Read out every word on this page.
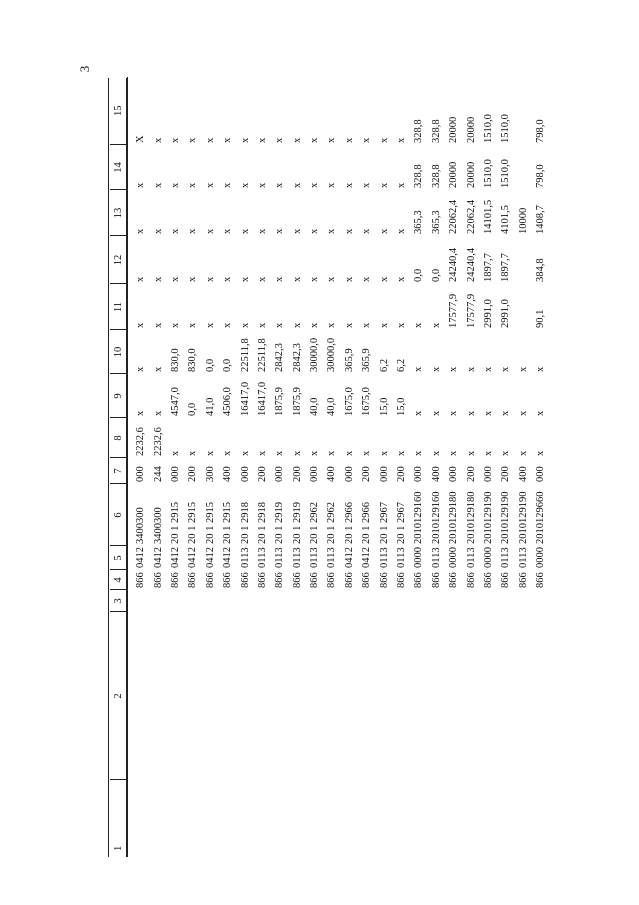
3
1	2	3	4	5	6	7	8	9	10	11	12	13	14	15

			866	0412	3400300	000	2232,6	x	x	x	x	x	x	X
			866	0412	3400300	244	2232,6	x	x	x	x	x	x	x
			866	0412	20 1 2915	000	x	4547,0	830,0	x	x	x	x	x
			866	0412	20 1 2915	200	x	0,0	830,0	x	x	x	x	x
			866	0412	20 1 2915	300	x	41,0	0,0	x	x	x	x	x
			866	0412	20 1 2915	400	x	4506,0	0,0	x	x	x	x	x
			866	0113	20 1 2918	000	x	16417,0	22511,8	x	x	x	x	x
			866	0113	20 1 2918	200	x	16417,0	22511,8	x	x	x	x	x
			866	0113	20 1 2919	000	x	1875,9	2842,3	x	x	x	x	x
			866	0113	20 1 2919	200	x	1875,9	2842,3	x	x	x	x	x
			866	0113	20 1 2962	000	x	40,0	30000,0	x	x	x	x	x
			866	0113	20 1 2962	400	x	40,0	30000,0	x	x	x	x	x
			866	0412	20 1 2966	000	x	1675,0	365,9	x	x	x	x	x
			866	0412	20 1 2966	200	x	1675,0	365,9	x	x	x	x	x
			866	0113	20 1 2967	000	x	15,0	6,2	x	x	x	x	x
			866	0113	20 1 2967	200	x	15,0	6,2	x	x	x	x	x
			866	0000	2010129160	000	x	x	x	x	0,0	365,3	328,8	328,8
			866	0113	2010129160	400	x	x	x	x	0,0	365,3	328,8	328,8
			866	0000	2010129180	000	x	x	x	17577,9	24240,4	22062,4	20000	20000
			866	0113	2010129180	200	x	x	x	17577,9	24240,4	22062,4	20000	20000
			866	0000	2010129190	000	x	x	x	2991,0	1897,7	14101,5	1510,0	1510,0
			866	0113	2010129190	200	x	x	x	2991,0	1897,7	4101,5	1510,0	1510,0
			866	0113	2010129190	400	x	x	x			10000		
			866	0000	2010129660	000	x	x	x	90,1	384,8	1408,7	798,0	798,0
